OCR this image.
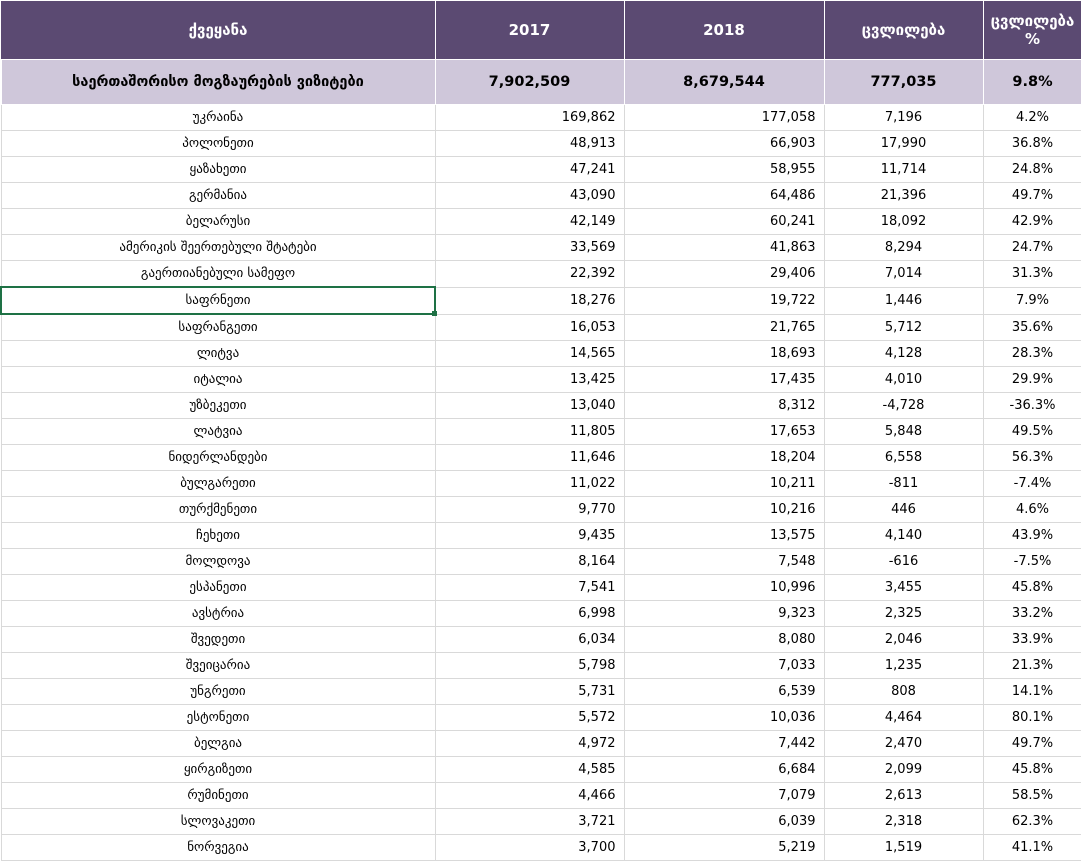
ქვეყანა	2017	2018	ცვლილება	ცვლილება %
საერთაშორისო მოგზაურების ვიზიტები	7,902,509	8,679,544	777,035	9.8%
უკრაინა	169,862	177,058	7,196	4.2%
პოლონეთი	48,913	66,903	17,990	36.8%
ყაზახეთი	47,241	58,955	11,714	24.8%
გერმანია	43,090	64,486	21,396	49.7%
ბელარუსი	42,149	60,241	18,092	42.9%
ამერიკის შეერთებული შტატები	33,569	41,863	8,294	24.7%
გაერთიანებული სამეფო	22,392	29,406	7,014	31.3%
საფრნეთი	18,276	19,722	1,446	7.9%
საფრანგეთი	16,053	21,765	5,712	35.6%
ლიტვა	14,565	18,693	4,128	28.3%
იტალია	13,425	17,435	4,010	29.9%
უზბეკეთი	13,040	8,312	-4,728	-36.3%
ლატვია	11,805	17,653	5,848	49.5%
ნიდერლანდები	11,646	18,204	6,558	56.3%
ბულგარეთი	11,022	10,211	-811	-7.4%
თურქმენეთი	9,770	10,216	446	4.6%
ჩეხეთი	9,435	13,575	4,140	43.9%
მოლდოვა	8,164	7,548	-616	-7.5%
ესპანეთი	7,541	10,996	3,455	45.8%
ავსტრია	6,998	9,323	2,325	33.2%
შვედეთი	6,034	8,080	2,046	33.9%
შვეიცარია	5,798	7,033	1,235	21.3%
უნგრეთი	5,731	6,539	808	14.1%
ესტონეთი	5,572	10,036	4,464	80.1%
ბელგია	4,972	7,442	2,470	49.7%
ყირგიზეთი	4,585	6,684	2,099	45.8%
რუმინეთი	4,466	7,079	2,613	58.5%
სლოვაკეთი	3,721	6,039	2,318	62.3%
ნორვეგია	3,700	5,219	1,519	41.1%
